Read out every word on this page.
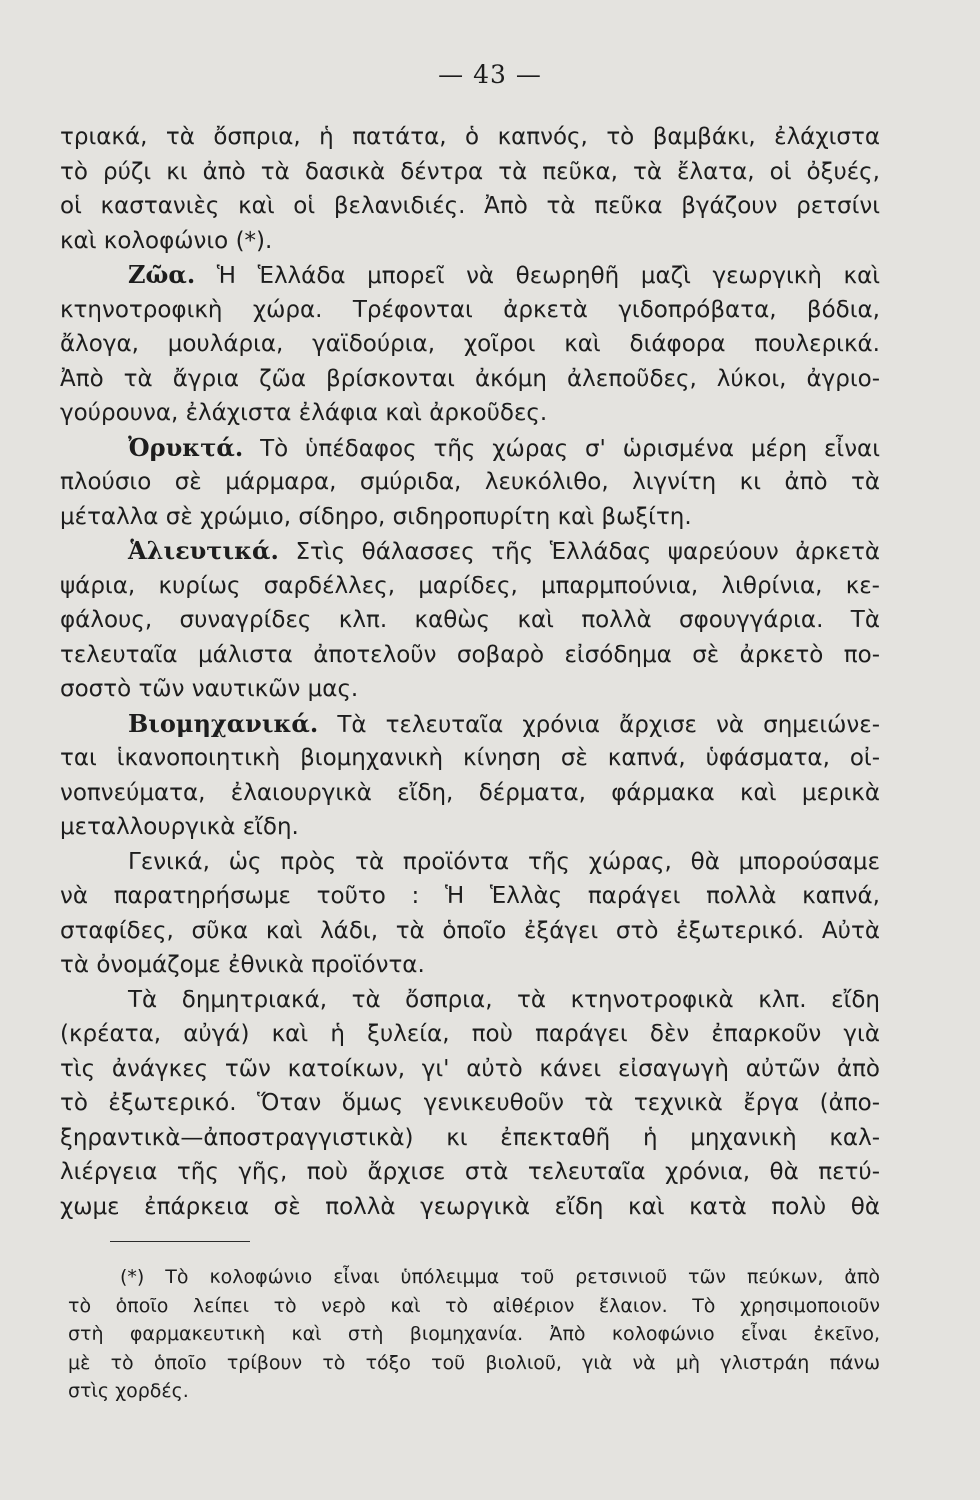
— 43 —
τριακά, τὰ ὄσπρια, ἡ πατάτα, ὁ καπνός, τὸ βαμβάκι, ἐλάχιστα
τὸ ρύζι κι ἀπὸ τὰ δασικὰ δέντρα τὰ πεῦκα, τὰ ἔλατα, οἱ ὀξυές,
οἱ καστανιὲς καὶ οἱ βελανιδιές. Ἀπὸ τὰ πεῦκα βγάζουν ρετσίνι
καὶ κολοφώνιο (*).
Ζῶα. Ἡ Ἑλλάδα μπορεῖ νὰ θεωρηθῆ μαζὶ γεωργικὴ καὶ
κτηνοτροφικὴ χώρα. Τρέφονται ἀρκετὰ γιδοπρόβατα, βόδια,
ἄλογα, μουλάρια, γαϊδούρια, χοῖροι καὶ διάφορα πουλερικά.
Ἀπὸ τὰ ἄγρια ζῶα βρίσκονται ἀκόμη ἀλεποῦδες, λύκοι, ἀγριο-
γούρουνα, ἐλάχιστα ἐλάφια καὶ ἀρκοῦδες.
Ὀρυκτά. Τὸ ὑπέδαφος τῆς χώρας σ' ὡρισμένα μέρη εἶναι
πλούσιο σὲ μάρμαρα, σμύριδα, λευκόλιθο, λιγνίτη κι ἀπὸ τὰ
μέταλλα σὲ χρώμιο, σίδηρο, σιδηροπυρίτη καὶ βωξίτη.
Ἁλιευτικά. Στὶς θάλασσες τῆς Ἑλλάδας ψαρεύουν ἀρκετὰ
ψάρια, κυρίως σαρδέλλες, μαρίδες, μπαρμπούνια, λιθρίνια, κε-
φάλους, συναγρίδες κλπ. καθὼς καὶ πολλὰ σφουγγάρια. Τὰ
τελευταῖα μάλιστα ἀποτελοῦν σοβαρὸ εἰσόδημα σὲ ἀρκετὸ πο-
σοστὸ τῶν ναυτικῶν μας.
Βιομηχανικά. Τὰ τελευταῖα χρόνια ἄρχισε νὰ σημειώνε-
ται ἱκανοποιητικὴ βιομηχανικὴ κίνηση σὲ καπνά, ὑφάσματα, οἰ-
νοπνεύματα, ἐλαιουργικὰ εἴδη, δέρματα, φάρμακα καὶ μερικὰ
μεταλλουργικὰ εἴδη.
Γενικά, ὡς πρὸς τὰ προϊόντα τῆς χώρας, θὰ μπορούσαμε
νὰ παρατηρήσωμε τοῦτο : Ἡ Ἑλλὰς παράγει πολλὰ καπνά,
σταφίδες, σῦκα καὶ λάδι, τὰ ὁποῖο ἐξάγει στὸ ἐξωτερικό. Αὐτὰ
τὰ ὀνομάζομε ἐθνικὰ προϊόντα.
Τὰ δημητριακά, τὰ ὄσπρια, τὰ κτηνοτροφικὰ κλπ. εἴδη
(κρέατα, αὐγά) καὶ ἡ ξυλεία, ποὺ παράγει δὲν ἐπαρκοῦν γιὰ
τὶς ἀνάγκες τῶν κατοίκων, γι' αὐτὸ κάνει εἰσαγωγὴ αὐτῶν ἀπὸ
τὸ ἐξωτερικό. Ὅταν ὅμως γενικευθοῦν τὰ τεχνικὰ ἔργα (ἀπο-
ξηραντικὰ—ἀποστραγγιστικὰ) κι ἐπεκταθῆ ἡ μηχανικὴ καλ-
λιέργεια τῆς γῆς, ποὺ ἄρχισε στὰ τελευταῖα χρόνια, θὰ πετύ-
χωμε ἐπάρκεια σὲ πολλὰ γεωργικὰ εἴδη καὶ κατὰ πολὺ θὰ
(*) Τὸ κολοφώνιο εἶναι ὑπόλειμμα τοῦ ρετσινιοῦ τῶν πεύκων, ἀπὸ
τὸ ὁποῖο λείπει τὸ νερὸ καὶ τὸ αἰθέριον ἔλαιον. Τὸ χρησιμοποιοῦν
στὴ φαρμακευτικὴ καὶ στὴ βιομηχανία. Ἀπὸ κολοφώνιο εἶναι ἐκεῖνο,
μὲ τὸ ὁποῖο τρίβουν τὸ τόξο τοῦ βιολιοῦ, γιὰ νὰ μὴ γλιστράη πάνω
στὶς χορδές.
